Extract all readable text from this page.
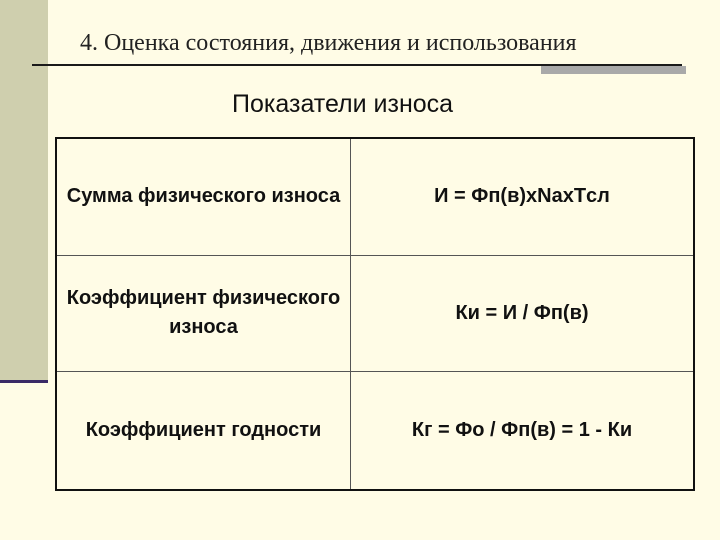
4. Оценка состояния, движения и использования
Показатели износа
Сумма физического износа	И = Фп(в)хNaхTсл
Коэффициент физического износа
Ки = И / Фп(в)
Коэффициент годности	Кг = Фо / Фп(в) = 1 - Ки
